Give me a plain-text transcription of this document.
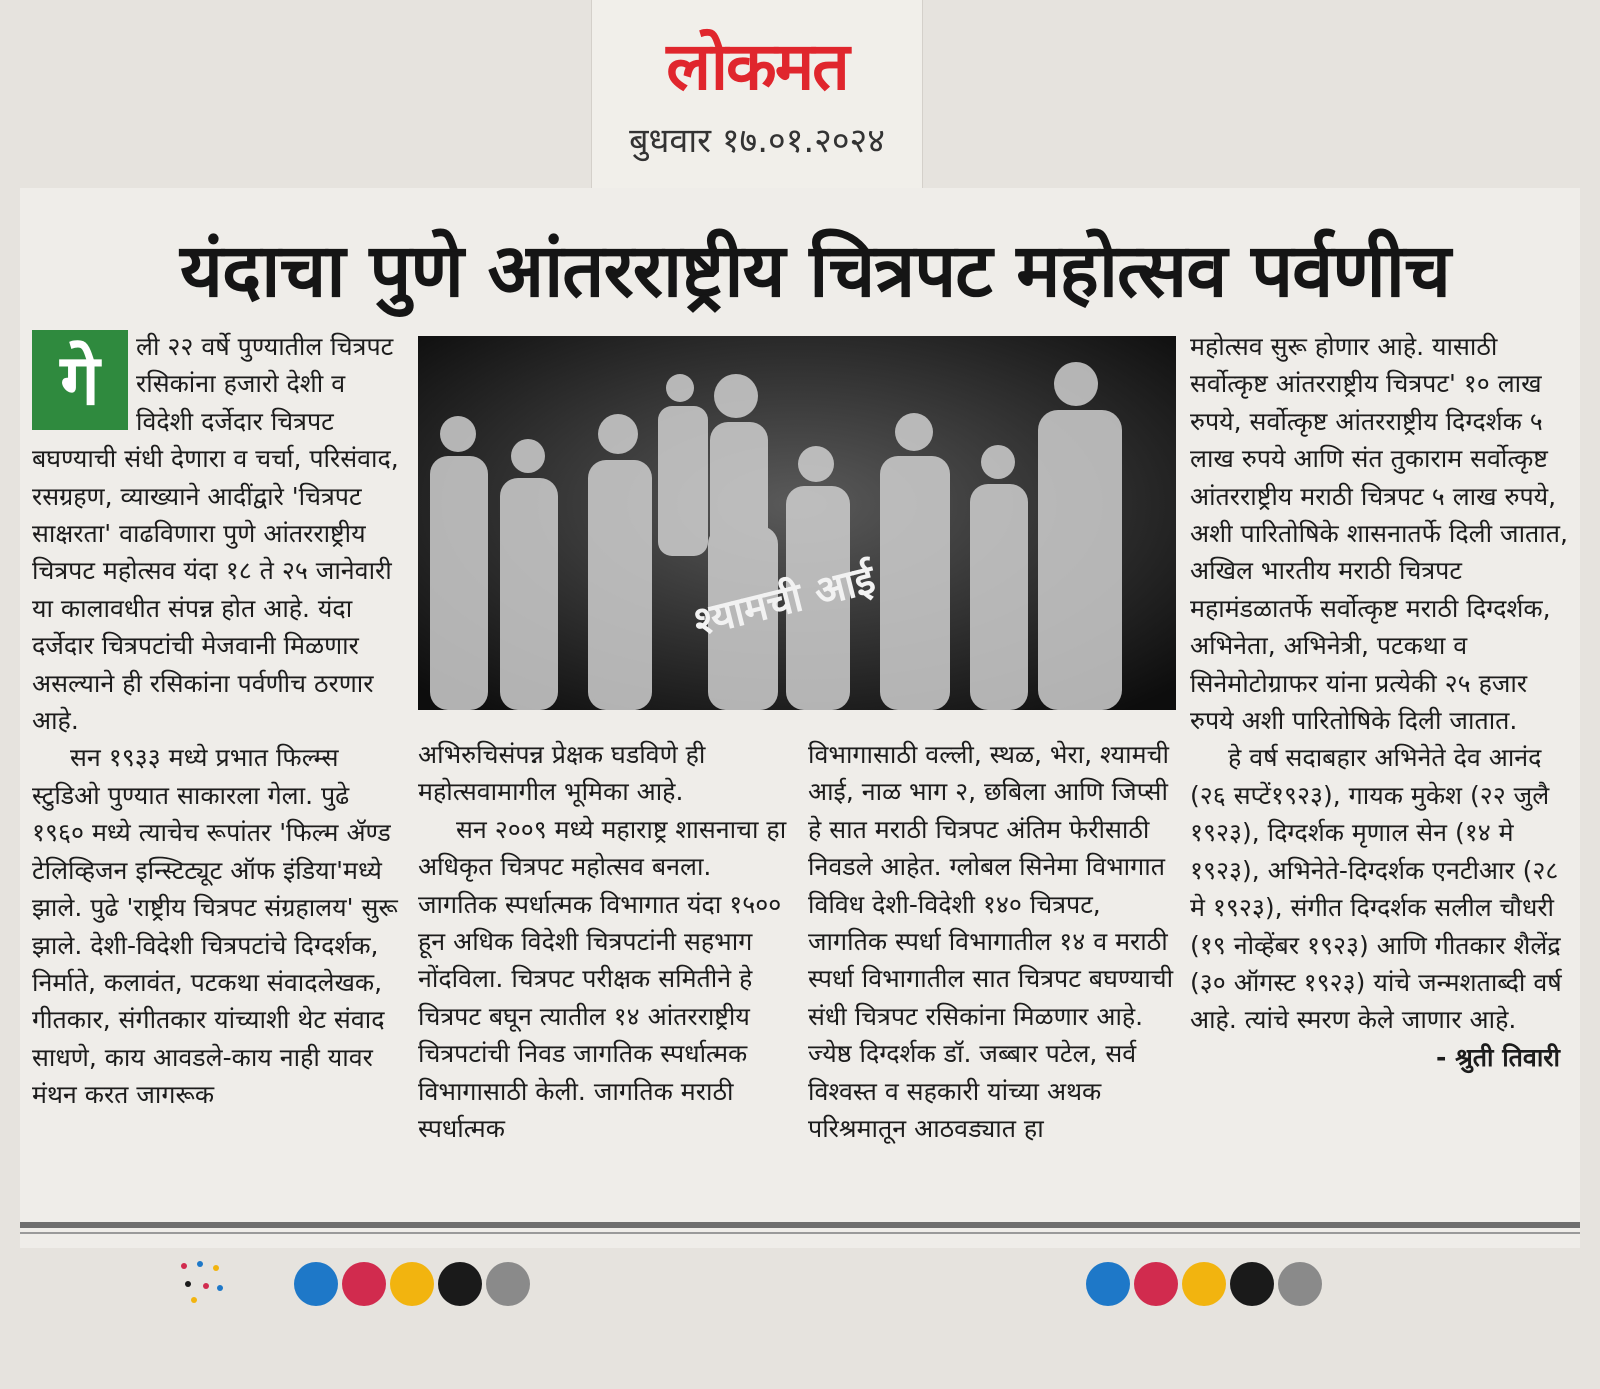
लोकमत
बुधवार १७.०१.२०२४
यंदाचा पुणे आंतरराष्ट्रीय चित्रपट महोत्सव पर्वणीच
गे	ली २२ वर्षे पुण्यातील चित्रपट रसिकांना हजारो देशी व विदेशी दर्जेदार चित्रपट बघण्याची संधी देणारा व चर्चा, परिसंवाद, रसग्रहण, व्याख्याने आदींद्वारे 'चित्रपट साक्षरता' वाढविणारा पुणे आंतरराष्ट्रीय चित्रपट महोत्सव यंदा १८ ते २५ जानेवारी या कालावधीत संपन्न होत आहे. यंदा दर्जेदार चित्रपटांची मेजवानी मिळणार असल्याने ही रसिकांना पर्वणीच ठरणार आहे.

सन १९३३ मध्ये प्रभात फिल्म्स स्टुडिओ पुण्यात साकारला गेला. पुढे १९६० मध्ये त्याचेच रूपांतर 'फिल्म ॲण्ड टेलिव्हिजन इन्स्टिट्यूट ऑफ इंडिया'मध्ये झाले. पुढे 'राष्ट्रीय चित्रपट संग्रहालय' सुरू झाले. देशी-विदेशी चित्रपटांचे दिग्दर्शक, निर्माते, कलावंत, पटकथा संवादलेखक, गीतकार, संगीतकार यांच्याशी थेट संवाद साधणे, काय आवडले-काय नाही यावर मंथन करत जागरूक

श्यामची आई

अभिरुचिसंपन्न प्रेक्षक घडविणे ही महोत्सवामागील भूमिका आहे.

सन २००९ मध्ये महाराष्ट्र शासनाचा हा अधिकृत चित्रपट महोत्सव बनला. जागतिक स्पर्धात्मक विभागात यंदा १५०० हून अधिक विदेशी चित्रपटांनी सहभाग नोंदविला. चित्रपट परीक्षक समितीने हे चित्रपट बघून त्यातील १४ आंतरराष्ट्रीय चित्रपटांची निवड जागतिक स्पर्धात्मक विभागासाठी केली. जागतिक मराठी स्पर्धात्मक

विभागासाठी वल्ली, स्थळ, भेरा, श्यामची आई, नाळ भाग २, छबिला आणि जिप्सी हे सात मराठी चित्रपट अंतिम फेरीसाठी निवडले आहेत. ग्लोबल सिनेमा विभागात विविध देशी-विदेशी १४० चित्रपट, जागतिक स्पर्धा विभागातील १४ व मराठी स्पर्धा विभागातील सात चित्रपट बघण्याची संधी चित्रपट रसिकांना मिळणार आहे. ज्येष्ठ दिग्दर्शक डॉ. जब्बार पटेल, सर्व विश्वस्त व सहकारी यांच्या अथक परिश्रमातून आठवड्यात हा

महोत्सव सुरू होणार आहे. यासाठी सर्वोत्कृष्ट आंतरराष्ट्रीय चित्रपट' १० लाख रुपये, सर्वोत्कृष्ट आंतरराष्ट्रीय दिग्दर्शक ५ लाख रुपये आणि संत तुकाराम सर्वोत्कृष्ट आंतरराष्ट्रीय मराठी चित्रपट ५ लाख रुपये, अशी पारितोषिके शासनातर्फे दिली जातात, अखिल भारतीय मराठी चित्रपट महामंडळातर्फे सर्वोत्कृष्ट मराठी दिग्दर्शक, अभिनेता, अभिनेत्री, पटकथा व सिनेमोटोग्राफर यांना प्रत्येकी २५ हजार रुपये अशी पारितोषिके दिली जातात.

हे वर्ष सदाबहार अभिनेते देव आनंद (२६ सप्टें१९२३), गायक मुकेश (२२ जुलै १९२३), दिग्दर्शक मृणाल सेन (१४ मे १९२३), अभिनेते-दिग्दर्शक एनटीआर (२८ मे १९२३), संगीत दिग्दर्शक सलील चौधरी (१९ नोव्हेंबर १९२३) आणि गीतकार शैलेंद्र (३० ऑगस्ट १९२३) यांचे जन्मशताब्दी वर्ष आहे. त्यांचे स्मरण केले जाणार आहे.

- श्रुती तिवारी
